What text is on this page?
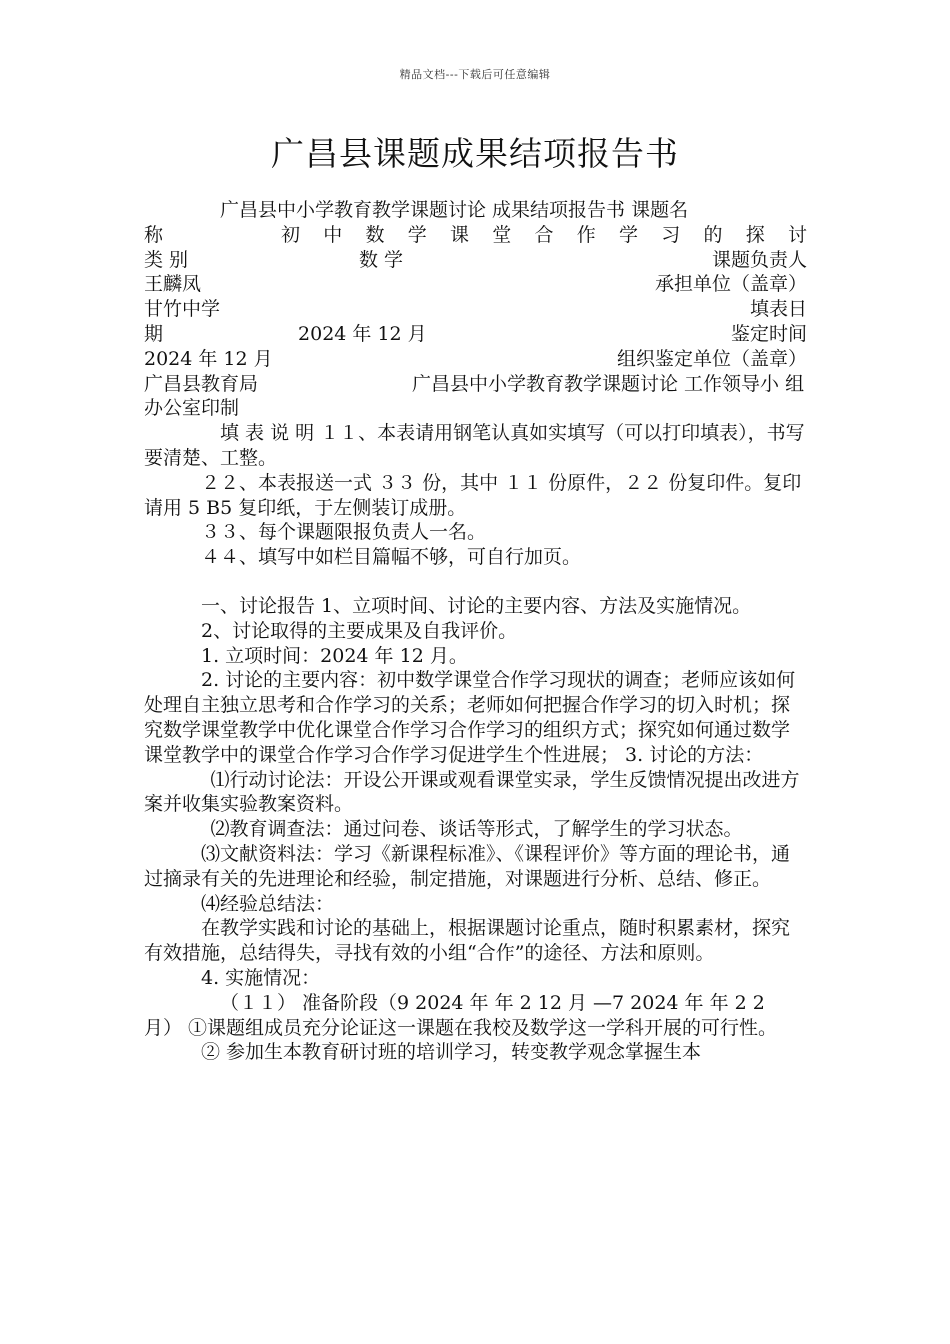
精品文档---下载后可任意编辑
广昌县课题成果结项报告书

广昌县中小学教育教学课题讨论 成果结项报告书 课题名

称	初 中 数 学 课 堂 合 作 学 习 的 探 讨
类 别	数 学	课题负责人
王麟凤	承担单位（盖章）
甘竹中学	填表日
期	2024 年 12 月	鉴定时间
2024 年 12 月	组织鉴定单位（盖章）
广昌县教育局	广昌县中小学教育教学课题讨论 工作领导小 组办公室印制

填 表 说 明 １１、本表请用钢笔认真如实填写（可以打印填表），书写要清楚、工整。

２２、本表报送一式 ３３ 份，其中 １１ 份原件，２２ 份复印件。复印请用 5 B5 复印纸，于左侧装订成册。

３３、每个课题限报负责人一名。

４４、填写中如栏目篇幅不够，可自行加页。

一、讨论报告 1、立项时间、讨论的主要内容、方法及实施情况。

2、讨论取得的主要成果及自我评价。

1. 立项时间：2024 年 12 月。

2. 讨论的主要内容：初中数学课堂合作学习现状的调查；老师应该如何处理自主独立思考和合作学习的关系；老师如何把握合作学习的切入时机；探究数学课堂教学中优化课堂合作学习合作学习的组织方式；探究如何通过数学课堂教学中的课堂合作学习合作学习促进学生个性进展； 3. 讨论的方法：

⑴行动讨论法：开设公开课或观看课堂实录，学生反馈情况提出改进方案并收集实验教案资料。

⑵教育调查法：通过问卷、谈话等形式，了解学生的学习状态。

⑶文献资料法：学习《新课程标准》、《课程评价》等方面的理论书，通过摘录有关的先进理论和经验，制定措施，对课题进行分析、总结、修正。

⑷经验总结法：

在教学实践和讨论的基础上，根据课题讨论重点，随时积累素材，探究有效措施，总结得失，寻找有效的小组“合作”的途径、方法和原则。

4. 实施情况：

（１１） 准备阶段（9 2024 年 年 2 12 月 —7 2024 年 年 2 2 月） ①课题组成员充分论证这一课题在我校及数学这一学科开展的可行性。

② 参加生本教育研讨班的培训学习，转变教学观念掌握生本
